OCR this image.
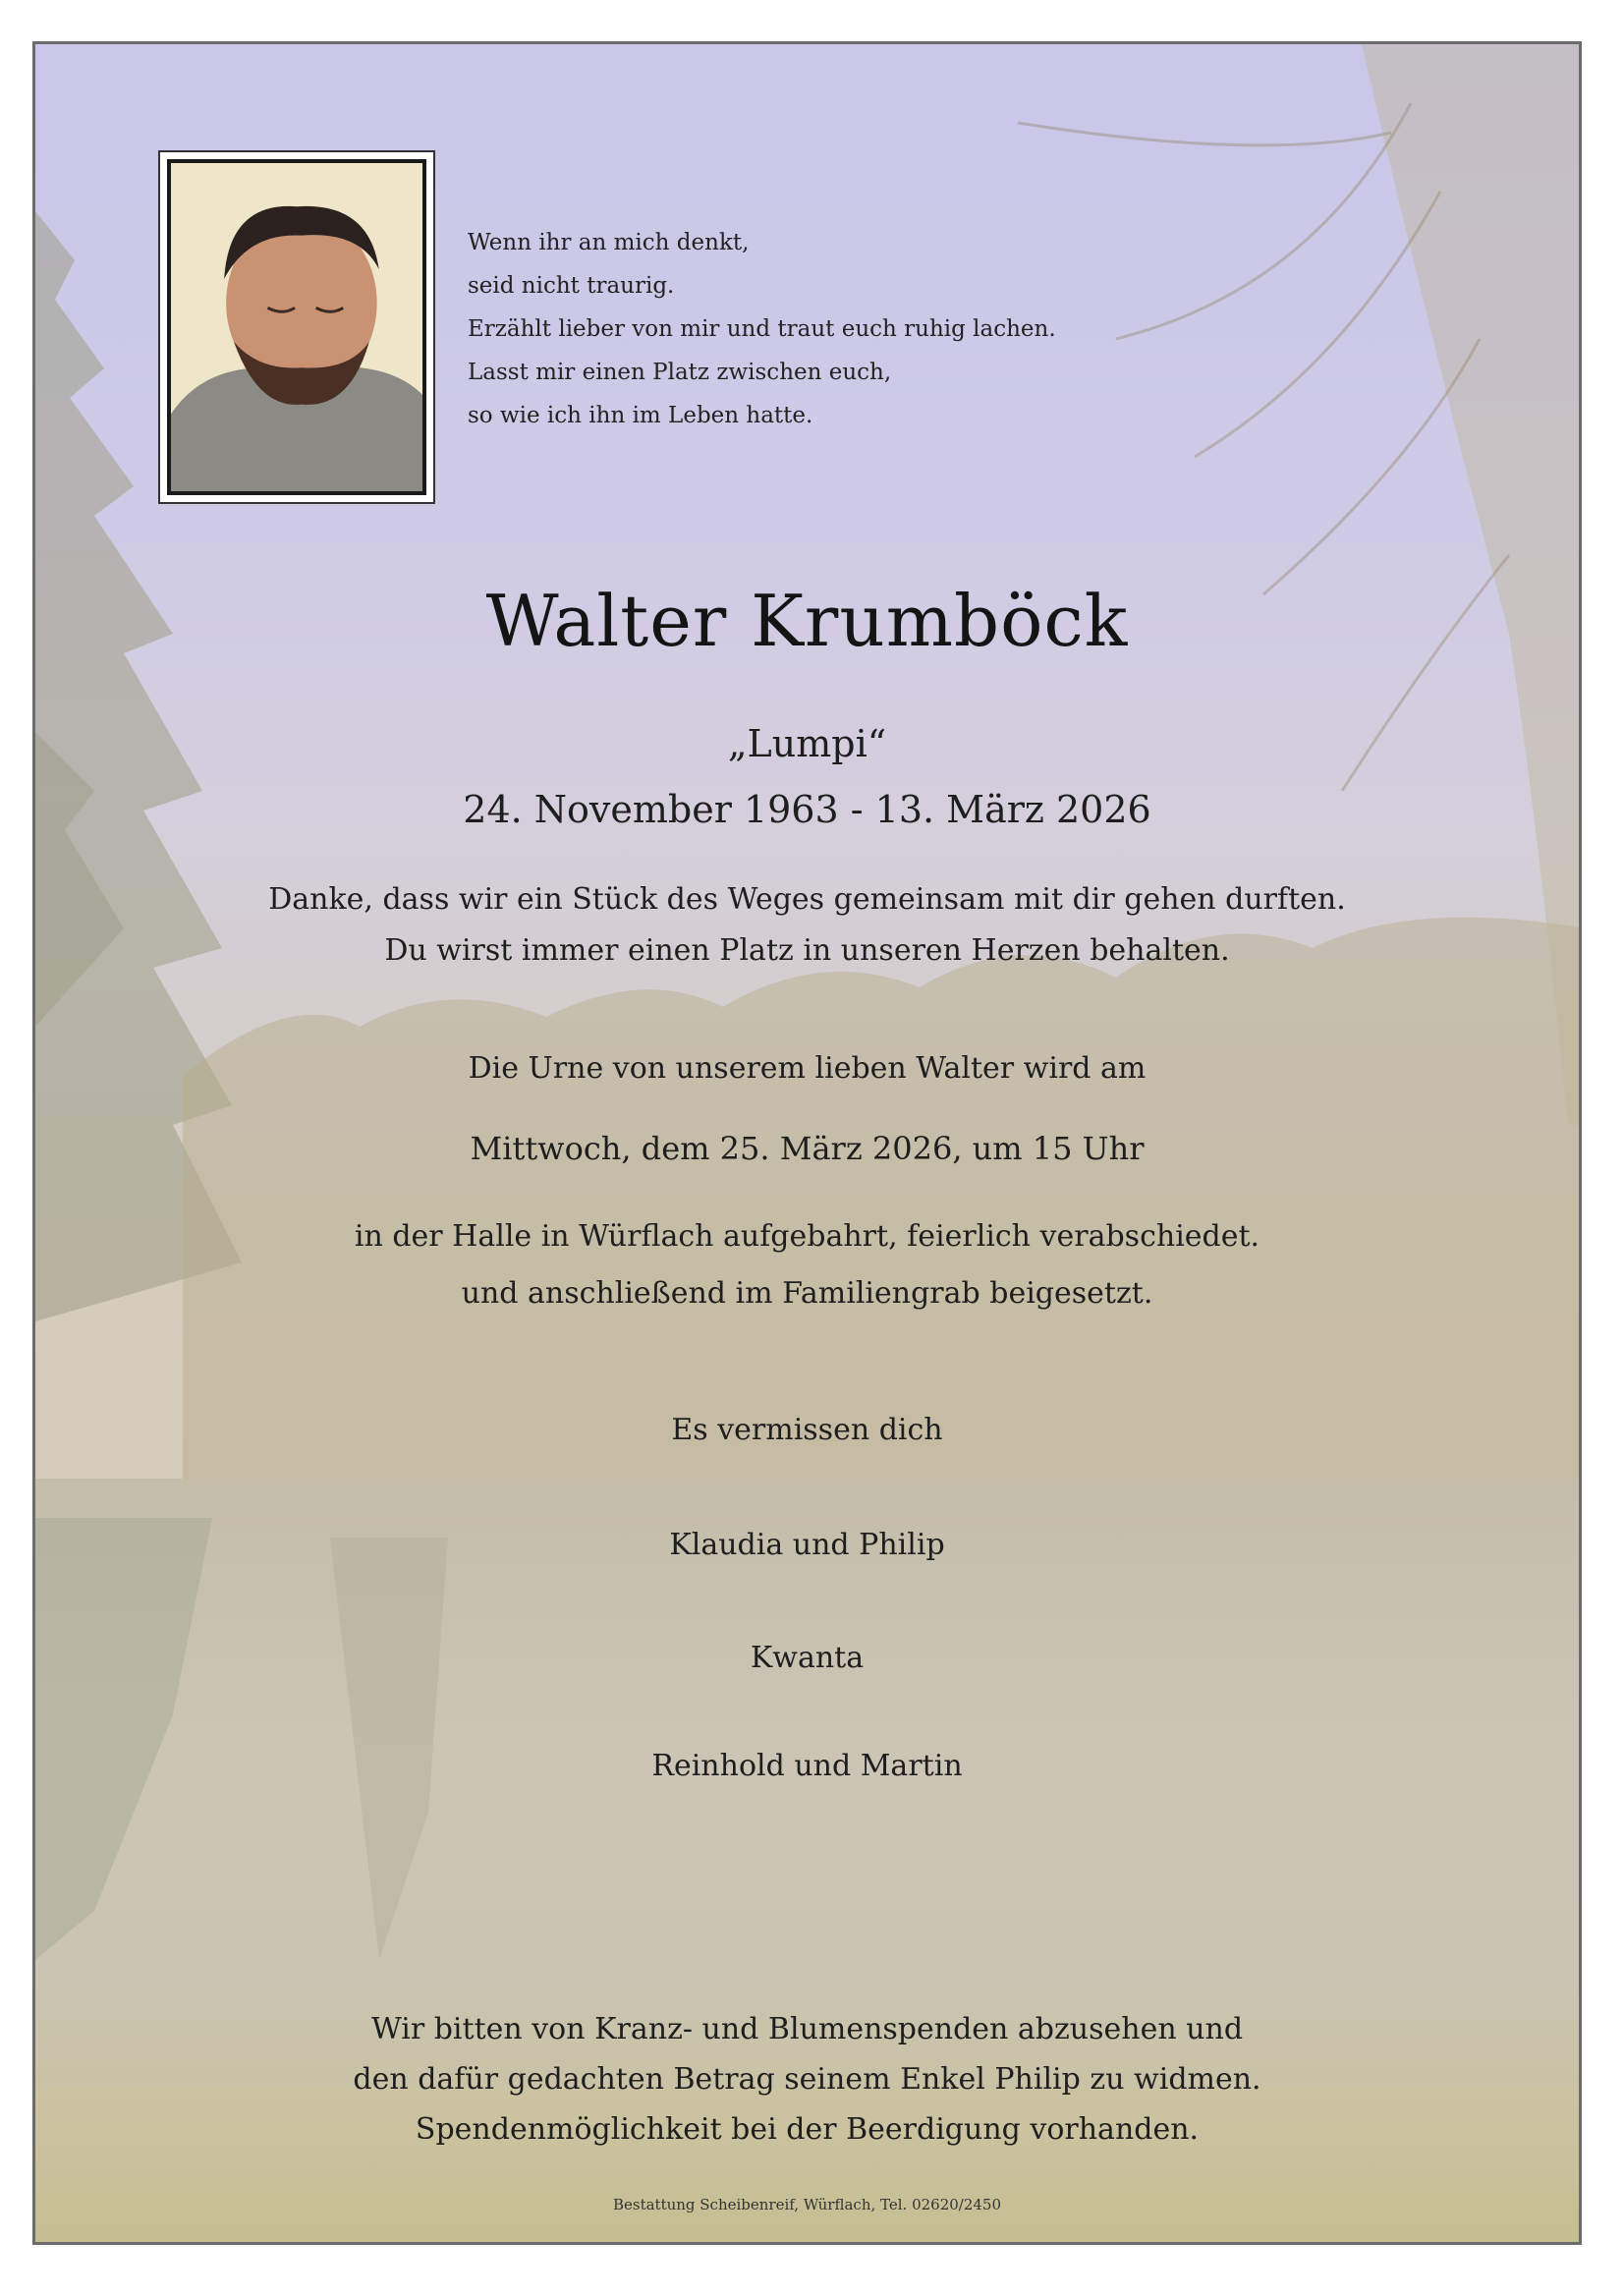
Wenn ihr an mich denkt,
seid nicht traurig.
Erzählt lieber von mir und traut euch ruhig lachen.
Lasst mir einen Platz zwischen euch,
so wie ich ihn im Leben hatte.
Walter Krumböck
„Lumpi“
24. November 1963 - 13. März 2026
Danke, dass wir ein Stück des Weges gemeinsam mit dir gehen durften.
Du wirst immer einen Platz in unseren Herzen behalten.
Die Urne von unserem lieben Walter wird am
Mittwoch, dem 25. März 2026, um 15 Uhr
in der Halle in Würflach aufgebahrt, feierlich verabschiedet.
und anschließend im Familiengrab beigesetzt.
Es vermissen dich
Klaudia und Philip
Kwanta
Reinhold und Martin
Wir bitten von Kranz- und Blumenspenden abzusehen und
den dafür gedachten Betrag seinem Enkel Philip zu widmen.
Spendenmöglichkeit bei der Beerdigung vorhanden.
Bestattung Scheibenreif, Würflach, Tel. 02620/2450
